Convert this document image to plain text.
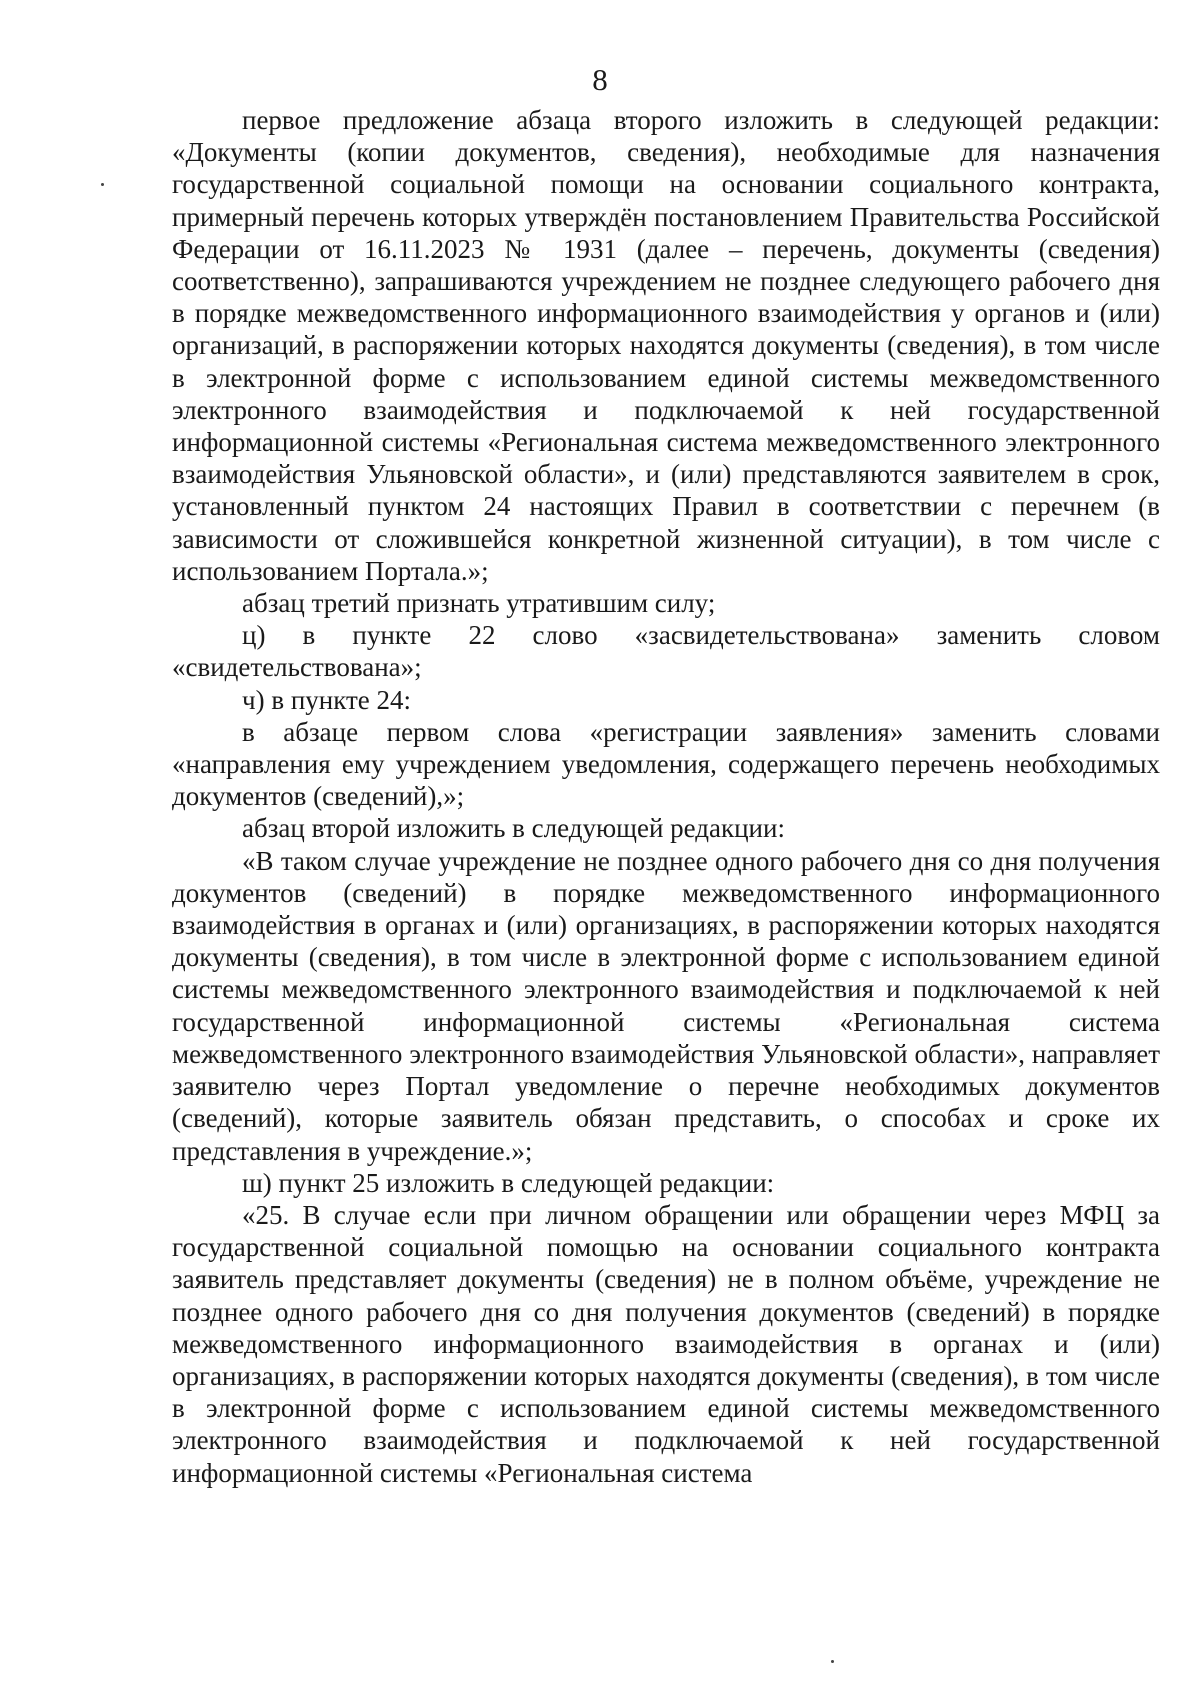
8

первое предложение абзаца второго изложить в следующей редакции: «Документы (копии документов, сведения), необходимые для назначения государственной социальной помощи на основании социального контракта, примерный перечень которых утверждён постановлением Правительства Российской Федерации от 16.11.2023 № 1931 (далее – перечень, документы (сведения) соответственно), запрашиваются учреждением не позднее следующего рабочего дня в порядке межведомственного информационного взаимодействия у органов и (или) организаций, в распоряжении которых находятся документы (сведения), в том числе в электронной форме с использованием единой системы межведомственного электронного взаимодействия и подключаемой к ней государственной информационной системы «Региональная система межведомственного электронного взаимодействия Ульяновской области», и (или) представляются заявителем в срок, установленный пунктом 24 настоящих Правил в соответствии с перечнем (в зависимости от сложившейся конкретной жизненной ситуации), в том числе с использованием Портала.»;

абзац третий признать утратившим силу;

ц) в пункте 22 слово «засвидетельствована» заменить словом «свидетельствована»;

ч) в пункте 24:

в абзаце первом слова «регистрации заявления» заменить словами «направления ему учреждением уведомления, содержащего перечень необходимых документов (сведений),»;

абзац второй изложить в следующей редакции:

«В таком случае учреждение не позднее одного рабочего дня со дня получения документов (сведений) в порядке межведомственного информационного взаимодействия в органах и (или) организациях, в распоряжении которых находятся документы (сведения), в том числе в электронной форме с использованием единой системы межведомственного электронного взаимодействия и подключаемой к ней государственной информационной системы «Региональная система межведомственного электронного взаимодействия Ульяновской области», направляет заявителю через Портал уведомление о перечне необходимых документов (сведений), которые заявитель обязан представить, о способах и сроке их представления в учреждение.»;

ш) пункт 25 изложить в следующей редакции:

«25. В случае если при личном обращении или обращении через МФЦ за государственной социальной помощью на основании социального контракта заявитель представляет документы (сведения) не в полном объёме, учреждение не позднее одного рабочего дня со дня получения документов (сведений) в порядке межведомственного информационного взаимодействия в органах и (или) организациях, в распоряжении которых находятся документы (сведения), в том числе в электронной форме с использованием единой системы межведомственного электронного взаимодействия и подключаемой к ней государственной информационной системы «Региональная система
